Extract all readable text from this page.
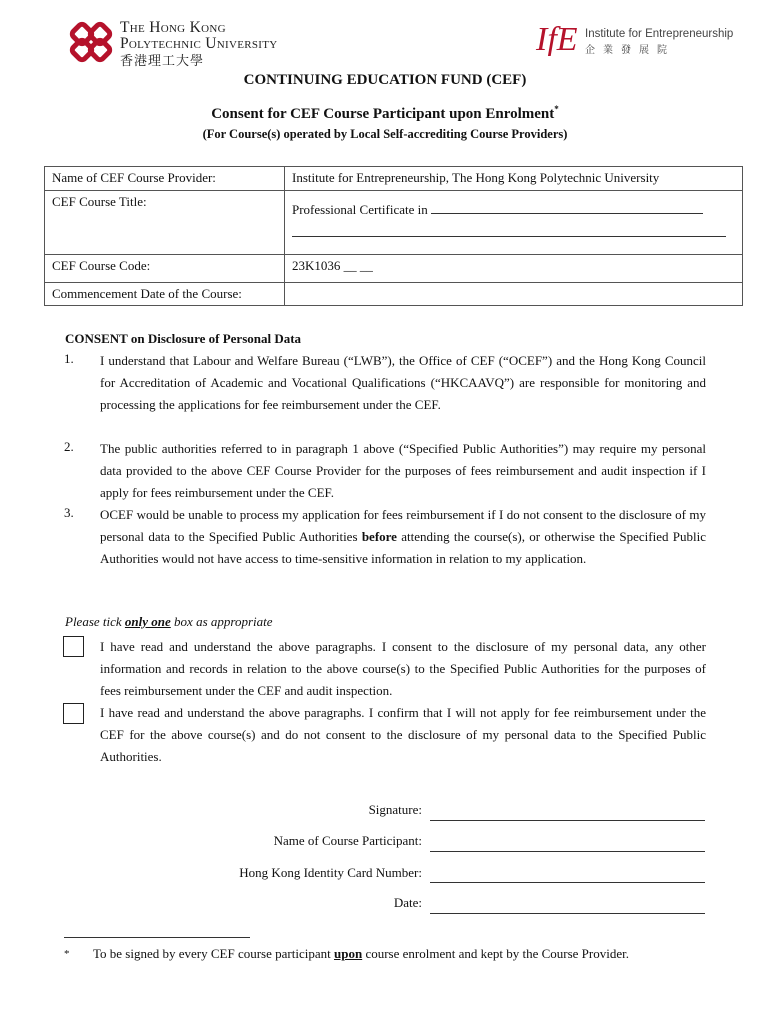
The Hong Kong
Polytechnic University
香港理工大學
IfE Institute for Entrepreneurship
企業發展院
CONTINUING EDUCATION FUND (CEF)
Consent for CEF Course Participant upon Enrolment*
(For Course(s) operated by Local Self-accrediting Course Providers)
Name of CEF Course Provider:	Institute for Entrepreneurship, The Hong Kong Polytechnic University
CEF Course Title:	Professional Certificate in

CEF Course Code:	23K1036 __ __
Commencement Date of the Course:	
CONSENT on Disclosure of Personal Data
1. I understand that Labour and Welfare Bureau (“LWB”), the Office of CEF (“OCEF”) and the Hong Kong Council for Accreditation of Academic and Vocational Qualifications (“HKCAAVQ”) are responsible for monitoring and processing the applications for fee reimbursement under the CEF.
2. The public authorities referred to in paragraph 1 above (“Specified Public Authorities”) may require my personal data provided to the above CEF Course Provider for the purposes of fees reimbursement and audit inspection if I apply for fees reimbursement under the CEF.
3. OCEF would be unable to process my application for fees reimbursement if I do not consent to the disclosure of my personal data to the Specified Public Authorities before attending the course(s), or otherwise the Specified Public Authorities would not have access to time-sensitive information in relation to my application.
Please tick only one box as appropriate
I have read and understand the above paragraphs. I consent to the disclosure of my personal data, any other information and records in relation to the above course(s) to the Specified Public Authorities for the purposes of fees reimbursement under the CEF and audit inspection.
I have read and understand the above paragraphs. I confirm that I will not apply for fee reimbursement under the CEF for the above course(s) and do not consent to the disclosure of my personal data to the Specified Public Authorities.
Signature:
Name of Course Participant:
Hong Kong Identity Card Number:
Date:
* To be signed by every CEF course participant upon course enrolment and kept by the Course Provider.
